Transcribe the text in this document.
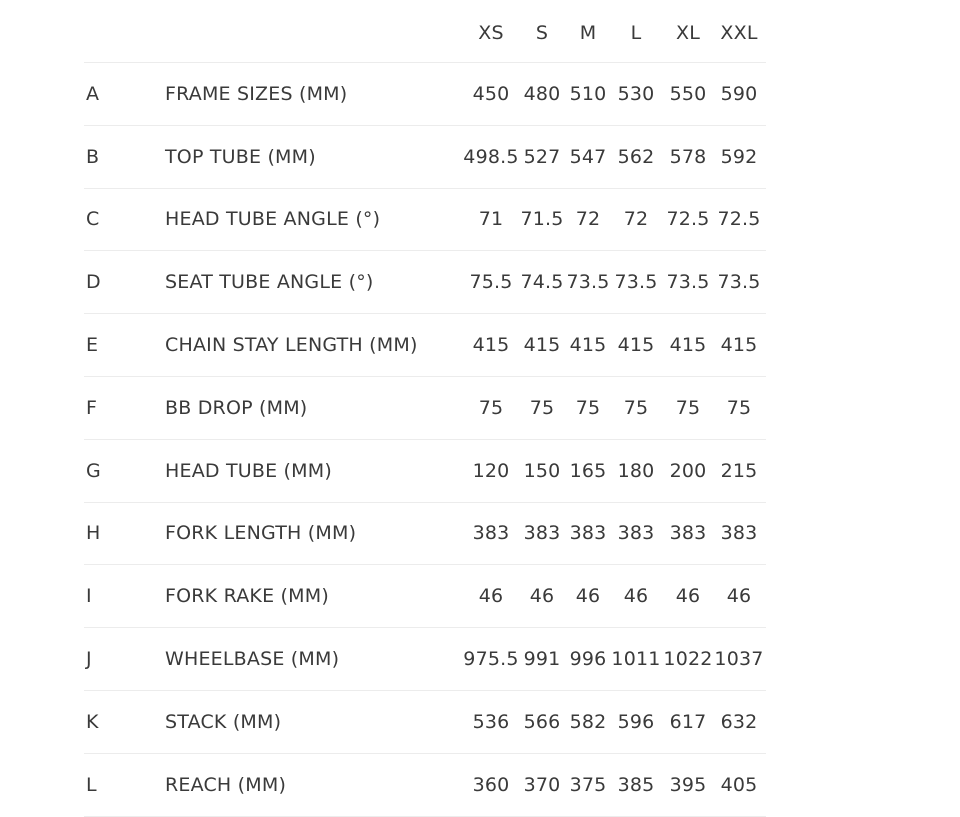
XS S M L XL XXL
A	FRAME SIZES (MM)	450 480 510 530 550 590
B	TOP TUBE (MM)	498.5 527 547 562 578 592
C	HEAD TUBE ANGLE (°)	71 71.5 72 72 72.5 72.5
D	SEAT TUBE ANGLE (°)	75.5 74.5 73.5 73.5 73.5 73.5
E	CHAIN STAY LENGTH (MM)	415 415 415 415 415 415
F	BB DROP (MM)	75 75 75 75 75 75
G	HEAD TUBE (MM)	120 150 165 180 200 215
H	FORK LENGTH (MM)	383 383 383 383 383 383
I	FORK RAKE (MM)	46 46 46 46 46 46
J	WHEELBASE (MM)	975.5 991 996 1011 1022 1037
K	STACK (MM)	536 566 582 596 617 632
L	REACH (MM)	360 370 375 385 395 405
